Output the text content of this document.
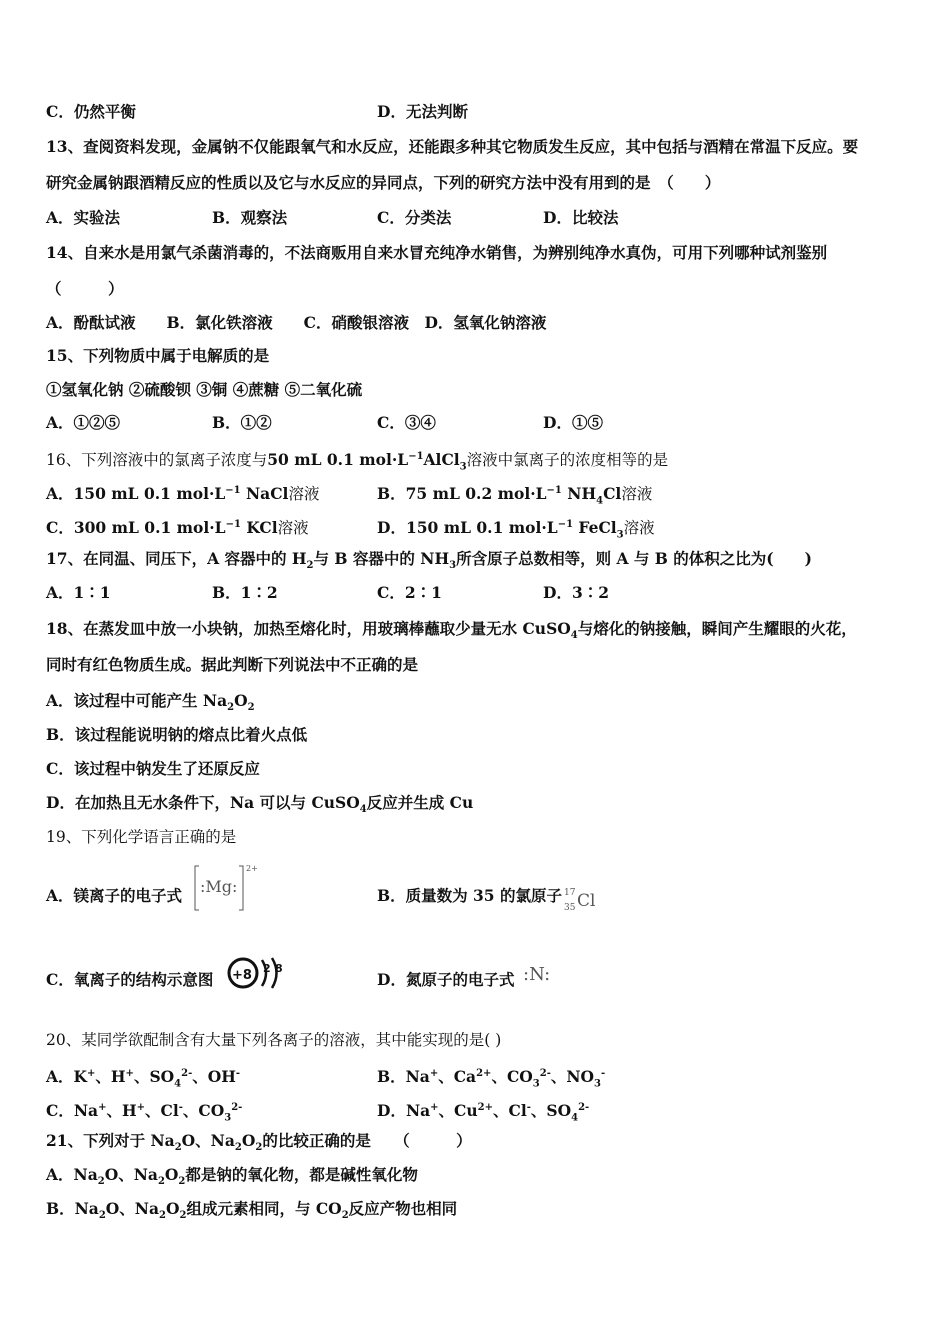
C．仍然平衡	D．无法判断
13、查阅资料发现，金属钠不仅能跟氧气和水反应，还能跟多种其它物质发生反应，其中包括与酒精在常温下反应。要
研究金属钠跟酒精反应的性质以及它与水反应的异同点，下列的研究方法中没有用到的是　（　　）
A．实验法	B．观察法	C．分类法	D．比较法
14、自来水是用氯气杀菌消毒的，不法商贩用自来水冒充纯净水销售，为辨别纯净水真伪，可用下列哪种试剂鉴别
（　　　）
A．酚酞试液　　B．氯化铁溶液　　C．硝酸银溶液　D．氢氧化钠溶液
15、下列物质中属于电解质的是
①氢氧化钠 ②硫酸钡 ③铜 ④蔗糖 ⑤二氧化硫
A．①②⑤	B．①②	C．③④	D．①⑤
16、下列溶液中的氯离子浓度与50 mL 0.1 $mol\cdot L^{-1}AlCl_3$溶液中氯离子的浓度相等的是
A．150 mL 0.1 $mol\cdot L^{-1}$ NaCl溶液	B．75 mL 0.2 $mol\cdot L^{-1}$ $NH_4Cl$溶液
C．300 mL 0.1 $mol\cdot L^{-1}$ KCl溶液	D．150 mL 0.1 $mol\cdot L^{-1}$ FeCl$_3$溶液
17、在同温、同压下，A 容器中的 $H_2$与 B 容器中的 $NH_3$所含原子总数相等，则 A 与 B 的体积之比为(　　)
A．1∶1	B．1∶2	C．2∶1	D．3∶2
18、在蒸发皿中放一小块钠，加热至熔化时，用玻璃棒蘸取少量无水 CuSO$_4$与熔化的钠接触，瞬间产生耀眼的火花，
同时有红色物质生成。据此判断下列说法中不正确的是
A．该过程中可能产生 $Na_2O_2$
B．该过程能说明钠的熔点比着火点低
C．该过程中钠发生了还原反应
D．在加热且无水条件下，Na 可以与 CuSO$_4$反应并生成 Cu
19、下列化学语言正确的是
A．镁离子的电子式 :Mg:
2+
B．质量数为 35 的氯原子 17
35 Cl
C．氧离子的结构示意图 +8 2 8
D．氮原子的电子式 :N:
20、某同学欲配制含有大量下列各离子的溶液，其中能实现的是( )
A．K+、H+、$SO_4^{2-}$、OH-	B．Na+、$Ca^{2+}$、$CO_3^{2-}$、$NO_3^-$
C．Na+、H+、Cl-、$CO_3^{2-}$	D．Na+、$Cu^{2+}$、Cl-、$SO_4^{2-}$
21、下列对于 $Na_2O$、$Na_2O_2$的比较正确的是　　（　　　）
A．$Na_2O$、$Na_2O_2$都是钠的氧化物，都是碱性氧化物
B．$Na_2O$、$Na_2O_2$组成元素相同，与 $CO_2$反应产物也相同
